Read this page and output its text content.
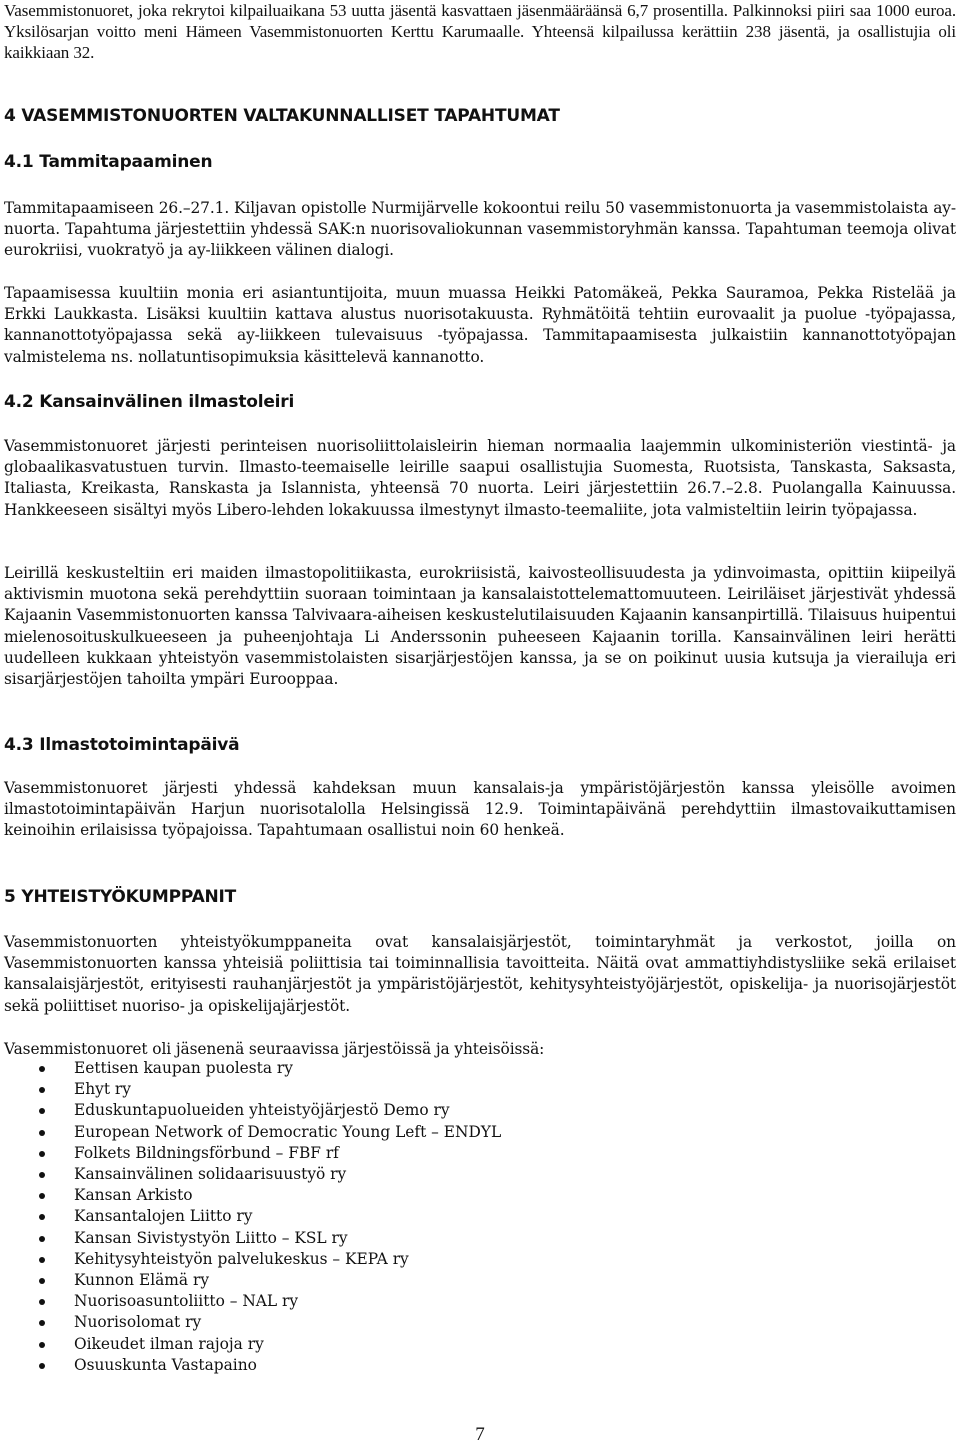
Vasemmistonuoret, joka rekrytoi kilpailuaikana 53 uutta jäsentä kasvattaen jäsenmääräänsä 6,7 prosentilla. Palkinnoksi piiri saa 1000 euroa. Yksilösarjan voitto meni Hämeen Vasemmistonuorten Kerttu Karumaalle. Yhteensä kilpailussa kerättiin 238 jäsentä, ja osallistujia oli kaikkiaan 32.

4 VASEMMISTONUORTEN VALTAKUNNALLISET TAPAHTUMAT
4.1 Tammitapaaminen

Tammitapaamiseen 26.–27.1. Kiljavan opistolle Nurmijärvelle kokoontui reilu 50 vasemmistonuorta ja vasemmistolaista ay-nuorta. Tapahtuma järjestettiin yhdessä SAK:n nuorisovaliokunnan vasemmistoryhmän kanssa. Tapahtuman teemoja olivat eurokriisi, vuokratyö ja ay-liikkeen välinen dialogi.

Tapaamisessa kuultiin monia eri asiantuntijoita, muun muassa Heikki Patomäkeä, Pekka Sauramoa, Pekka Ristelää ja Erkki Laukkasta. Lisäksi kuultiin kattava alustus nuorisotakuusta. Ryhmätöitä tehtiin eurovaalit ja puolue -työpajassa, kannanottotyöpajassa sekä ay-liikkeen tulevaisuus -työpajassa. Tammitapaamisesta julkaistiin kannanottotyöpajan valmistelema ns. nollatuntisopimuksia käsittelevä kannanotto.

4.2 Kansainvälinen ilmastoleiri

Vasemmistonuoret järjesti perinteisen nuorisoliittolaisleirin hieman normaalia laajemmin ulkoministeriön viestintä- ja globaalikasvatustuen turvin. Ilmasto-teemaiselle leirille saapui osallistujia Suomesta, Ruotsista, Tanskasta, Saksasta, Italiasta, Kreikasta, Ranskasta ja Islannista, yhteensä 70 nuorta. Leiri järjestettiin 26.7.–2.8. Puolangalla Kainuussa. Hankkeeseen sisältyi myös Libero-lehden lokakuussa ilmestynyt ilmasto-teemaliite, jota valmisteltiin leirin työpajassa.

Leirillä keskusteltiin eri maiden ilmastopolitiikasta, eurokriisistä, kaivosteollisuudesta ja ydinvoimasta, opittiin kiipeilyä aktivismin muotona sekä perehdyttiin suoraan toimintaan ja kansalaistottelemattomuuteen. Leiriläiset järjestivät yhdessä Kajaanin Vasemmistonuorten kanssa Talvivaara-aiheisen keskustelutilaisuuden Kajaanin kansanpirtillä. Tilaisuus huipentui mielenosoituskulkueeseen ja puheenjohtaja Li Anderssonin puheeseen Kajaanin torilla. Kansainvälinen leiri herätti uudelleen kukkaan yhteistyön vasemmistolaisten sisarjärjestöjen kanssa, ja se on poikinut uusia kutsuja ja vierailuja eri sisarjärjestöjen tahoilta ympäri Eurooppaa.

4.3 Ilmastotoimintapäivä

Vasemmistonuoret järjesti yhdessä kahdeksan muun kansalais-ja ympäristöjärjestön kanssa yleisölle avoimen ilmastotoimintapäivän Harjun nuorisotalolla Helsingissä 12.9. Toimintapäivänä perehdyttiin ilmastovaikuttamisen keinoihin erilaisissa työpajoissa. Tapahtumaan osallistui noin 60 henkeä.

5 YHTEISTYÖKUMPPANIT

Vasemmistonuorten yhteistyökumppaneita ovat kansalaisjärjestöt, toimintaryhmät ja verkostot, joilla on Vasemmistonuorten kanssa yhteisiä poliittisia tai toiminnallisia tavoitteita. Näitä ovat ammattiyhdistysliike sekä erilaiset kansalaisjärjestöt, erityisesti rauhanjärjestöt ja ympäristöjärjestöt, kehitysyhteistyöjärjestöt, opiskelija- ja nuorisojärjestöt sekä poliittiset nuoriso- ja opiskelijajärjestöt.

Vasemmistonuoret oli jäsenenä seuraavissa järjestöissä ja yhteisöissä:

Eettisen kaupan puolesta ry
Ehyt ry
Eduskuntapuolueiden yhteistyöjärjestö Demo ry
European Network of Democratic Young Left – ENDYL
Folkets Bildningsförbund – FBF rf
Kansainvälinen solidaarisuustyö ry
Kansan Arkisto
Kansantalojen Liitto ry
Kansan Sivistystyön Liitto – KSL ry
Kehitysyhteistyön palvelukeskus – KEPA ry
Kunnon Elämä ry
Nuorisoasuntoliitto – NAL ry
Nuorisolomat ry
Oikeudet ilman rajoja ry
Osuuskunta Vastapaino
7
